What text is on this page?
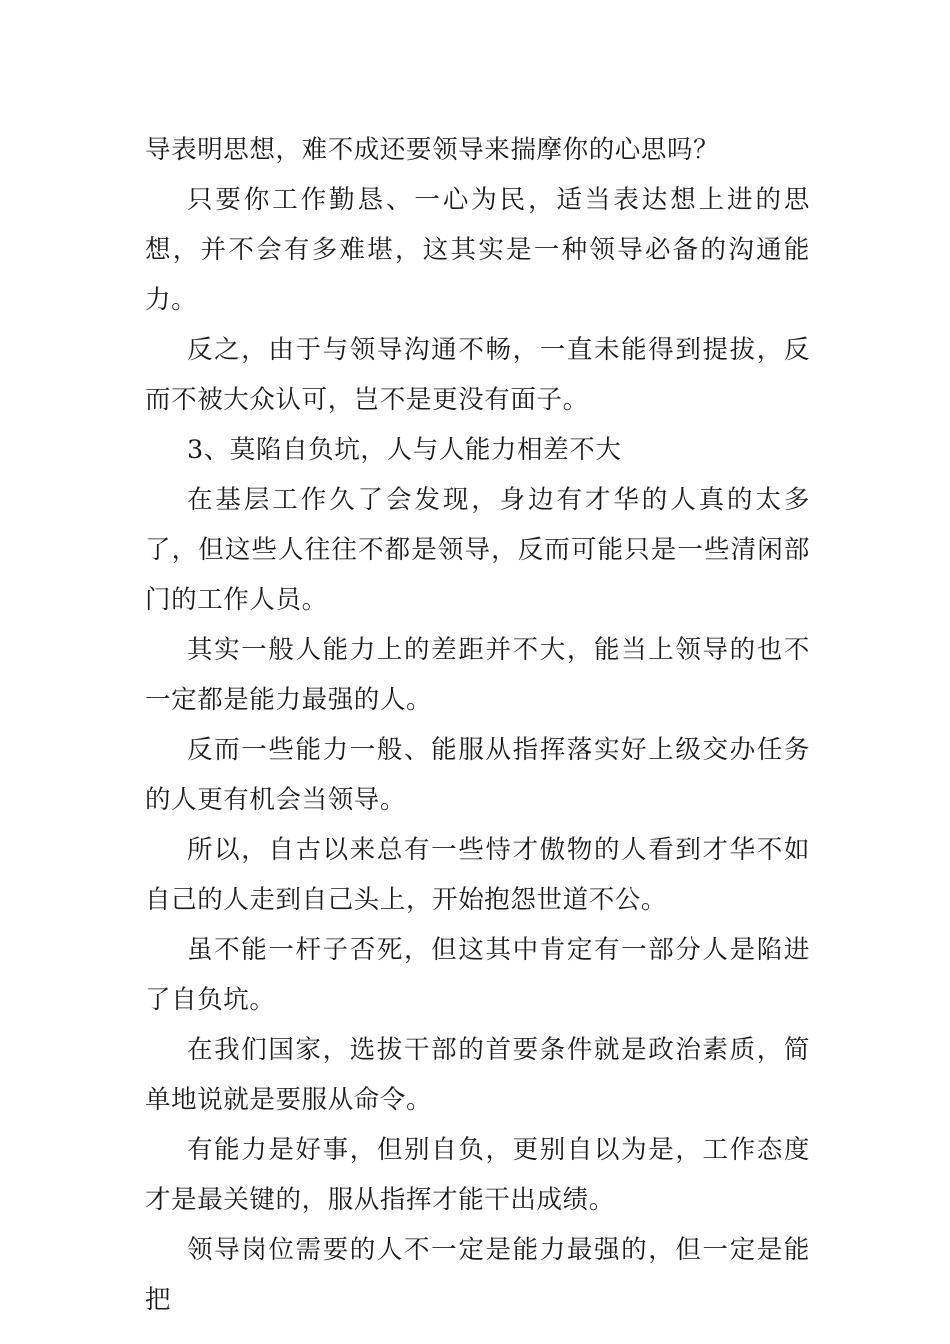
导表明思想，难不成还要领导来揣摩你的心思吗？

只要你工作勤恳、一心为民，适当表达想上进的思想，并不会有多难堪，这其实是一种领导必备的沟通能力。

反之，由于与领导沟通不畅，一直未能得到提拔，反而不被大众认可，岂不是更没有面子。

3、莫陷自负坑，人与人能力相差不大

在基层工作久了会发现，身边有才华的人真的太多了，但这些人往往不都是领导，反而可能只是一些清闲部门的工作人员。

其实一般人能力上的差距并不大，能当上领导的也不一定都是能力最强的人。

反而一些能力一般、能服从指挥落实好上级交办任务的人更有机会当领导。

所以，自古以来总有一些恃才傲物的人看到才华不如自己的人走到自己头上，开始抱怨世道不公。

虽不能一杆子否死，但这其中肯定有一部分人是陷进了自负坑。

在我们国家，选拔干部的首要条件就是政治素质，简单地说就是要服从命令。

有能力是好事，但别自负，更别自以为是，工作态度才是最关键的，服从指挥才能干出成绩。

领导岗位需要的人不一定是能力最强的，但一定是能把
